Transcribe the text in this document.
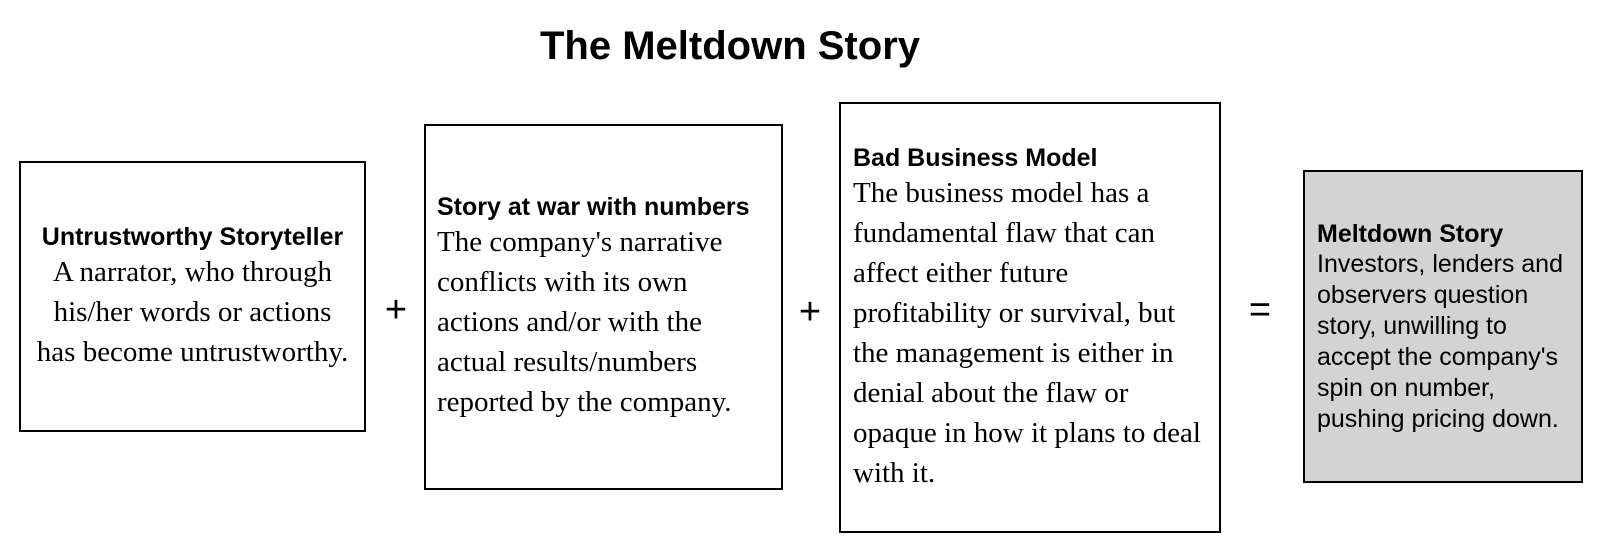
The Meltdown Story
Untrustworthy Storyteller
A narrator, who through his/her words or actions has become untrustworthy.
+
Story at war with numbers
The company's narrative conflicts with its own actions and/or with the actual results/numbers reported by the company.
+
Bad Business Model
The business model has a fundamental flaw that can affect either future profitability or survival, but the management is either in denial about the flaw or opaque in how it plans to deal with it.
=
Meltdown Story
Investors, lenders and observers question story, unwilling to accept the company's spin on number, pushing pricing down.
